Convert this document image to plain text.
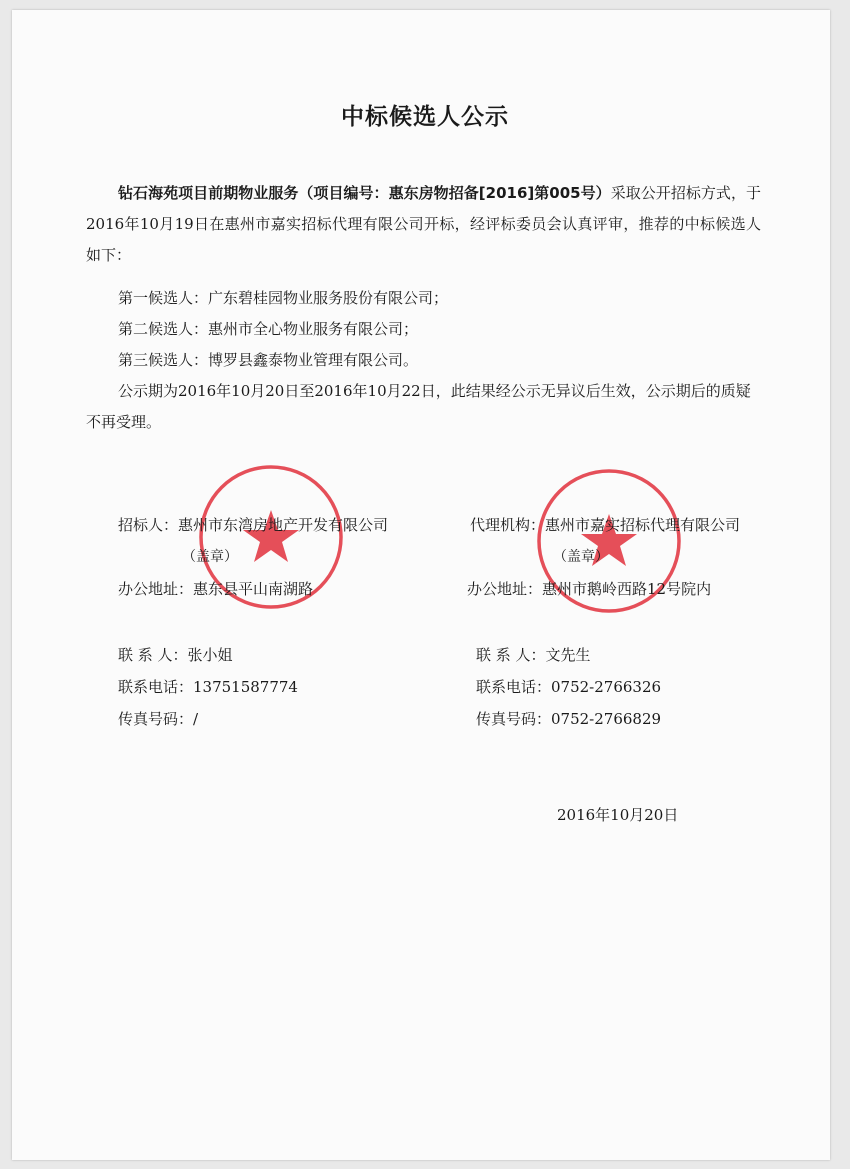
中标候选人公示
钻石海苑项目前期物业服务（项目编号：惠东房物招备[2016]第005号）采取公开招标方式，于2016年10月19日在惠州市嘉实招标代理有限公司开标，经评标委员会认真评审，推荐的中标候选人如下：
第一候选人：广东碧桂园物业服务股份有限公司；
第二候选人：惠州市全心物业服务有限公司；
第三候选人：博罗县鑫泰物业管理有限公司。
公示期为2016年10月20日至2016年10月22日，此结果经公示无异议后生效，公示期后的质疑不再受理。
招标人：惠州市东湾房地产开发有限公司
（盖章）
办公地址：惠东县平山南湖路
联 系 人：张小姐
联系电话：13751587774
传真号码：/
代理机构：惠州市嘉实招标代理有限公司
（盖章）
办公地址：惠州市鹅岭西路12号院内
联 系 人：文先生
联系电话：0752-2766326
传真号码：0752-2766829
2016年10月20日
